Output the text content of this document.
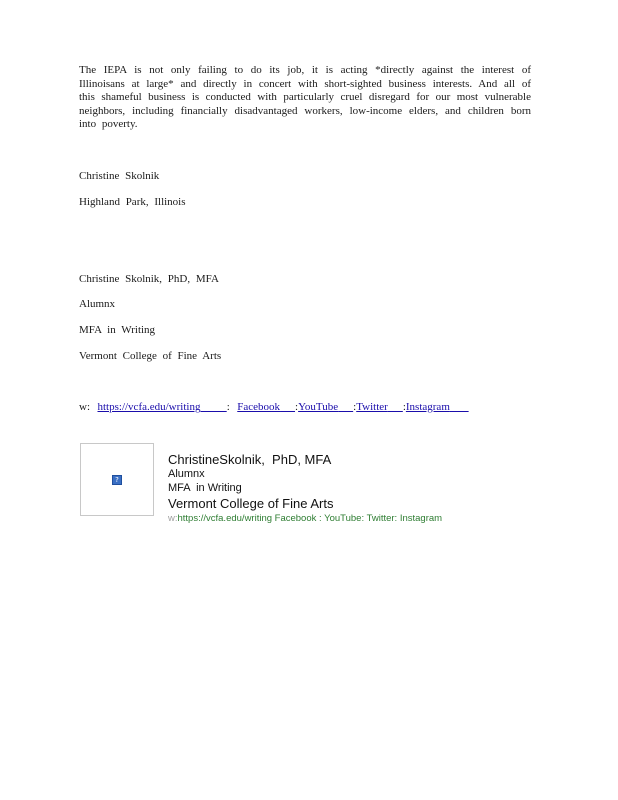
The IEPA is not only failing to do its job, it is acting *directly against the interest of
Illinoisans at large* and directly in concert with short-sighted business interests. And all of
this shameful business is conducted with particularly cruel disregard for our most vulnerable
neighbors, including financially disadvantaged workers, low-income elders, and children born
into poverty.
Christine Skolnik
Highland Park, Illinois
Christine Skolnik, PhD, MFA
Alumnx
MFA in Writing
Vermont College of Fine Arts
w: https://vcfa.edu/writing : Facebook :YouTube :Twitter :Instagram
?
ChristineSkolnik,  PhD, MFA
Alumnx
MFA  in Writing
Vermont College of Fine Arts
w:https://vcfa.edu/writing Facebook : YouTube: Twitter: Instagram
